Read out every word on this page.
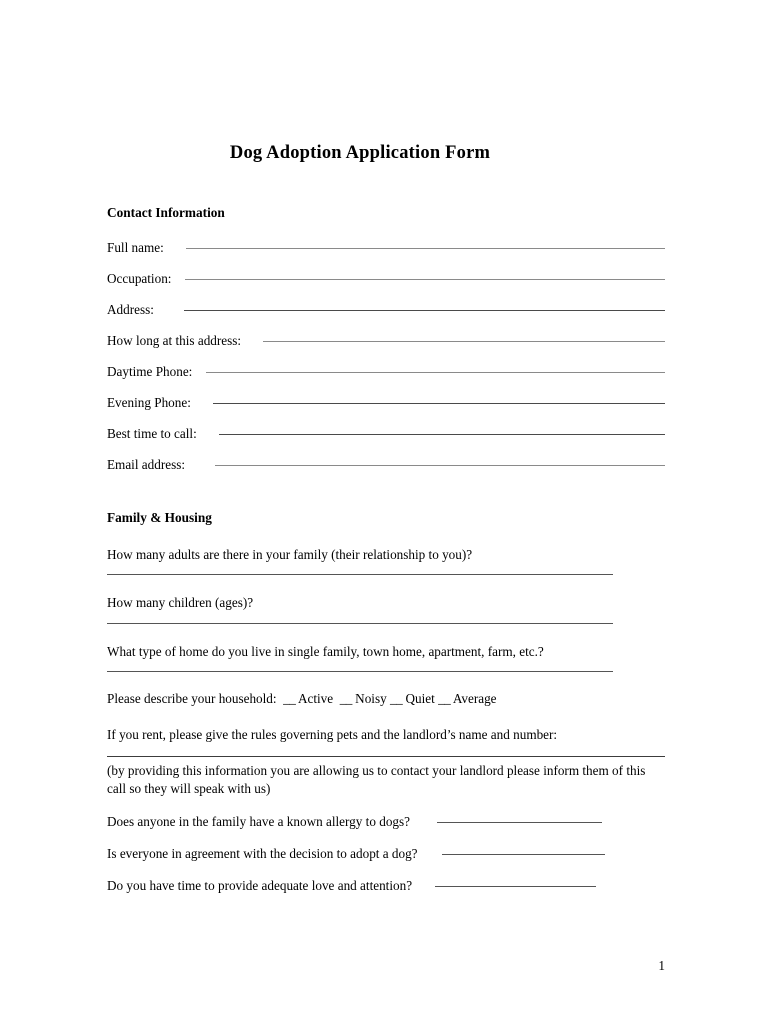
Dog Adoption Application Form
Contact Information
Full name:
Occupation:
Address:
How long at this address:
Daytime Phone:
Evening Phone:
Best time to call:
Email address:
Family & Housing
How many adults are there in your family (their relationship to you)?
How many children (ages)?
What type of home do you live in single family, town home, apartment, farm, etc.?
Please describe your household: __ Active __ Noisy __ Quiet __ Average
If you rent, please give the rules governing pets and the landlord’s name and number:
(by providing this information you are allowing us to contact your landlord please inform them of this call so they will speak with us)
Does anyone in the family have a known allergy to dogs?
Is everyone in agreement with the decision to adopt a dog?
Do you have time to provide adequate love and attention?
1
